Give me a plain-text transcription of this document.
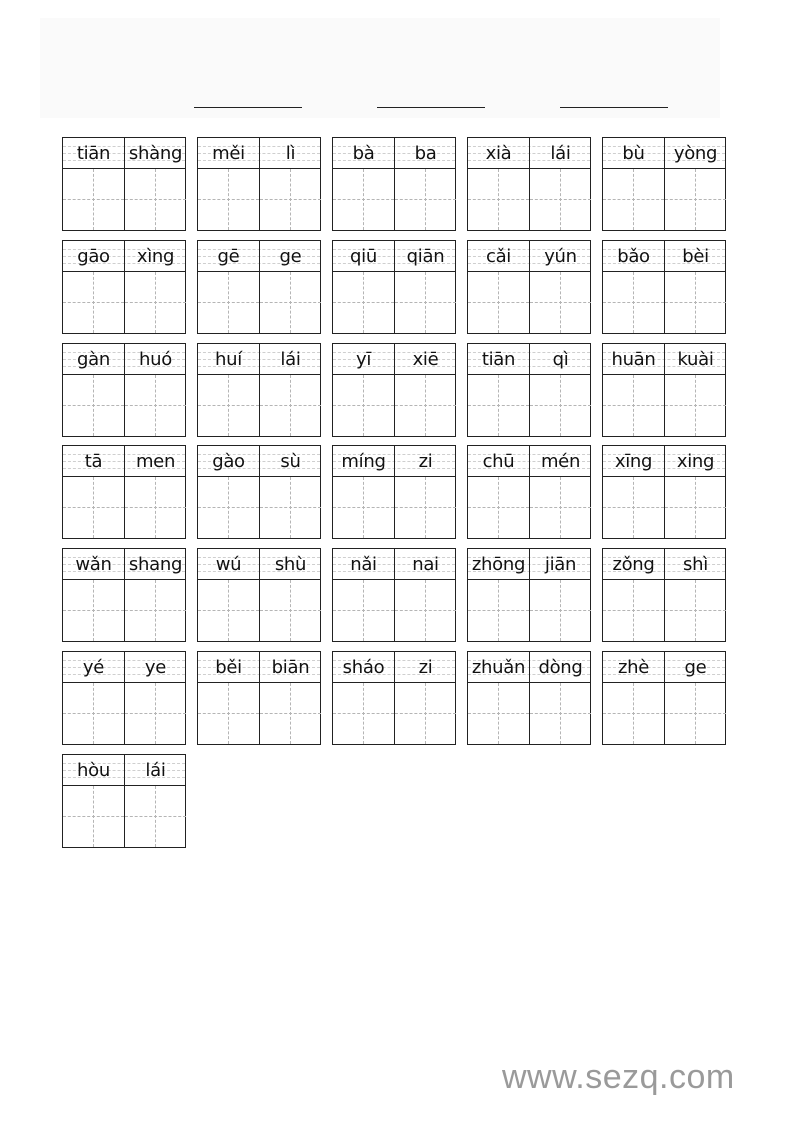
tiān	shàng	měi	lì	bà	ba	xià	lái	bù	yòng
gāo	xìng	gē	ge	qiū	qiān	cǎi	yún	bǎo	bèi
gàn	huó	huí	lái	yī	xiē	tiān	qì	huān	kuài
tā	men	gào	sù	míng	zi	chū	mén	xīng	xing
wǎn shang	wú	shù	nǎi	nai	zhōng	jiān	zǒng	shì
yé	ye	běi	biān	sháo	zi	zhuǎn dòng	zhè	ge
hòu	lái
www.sezq.com
